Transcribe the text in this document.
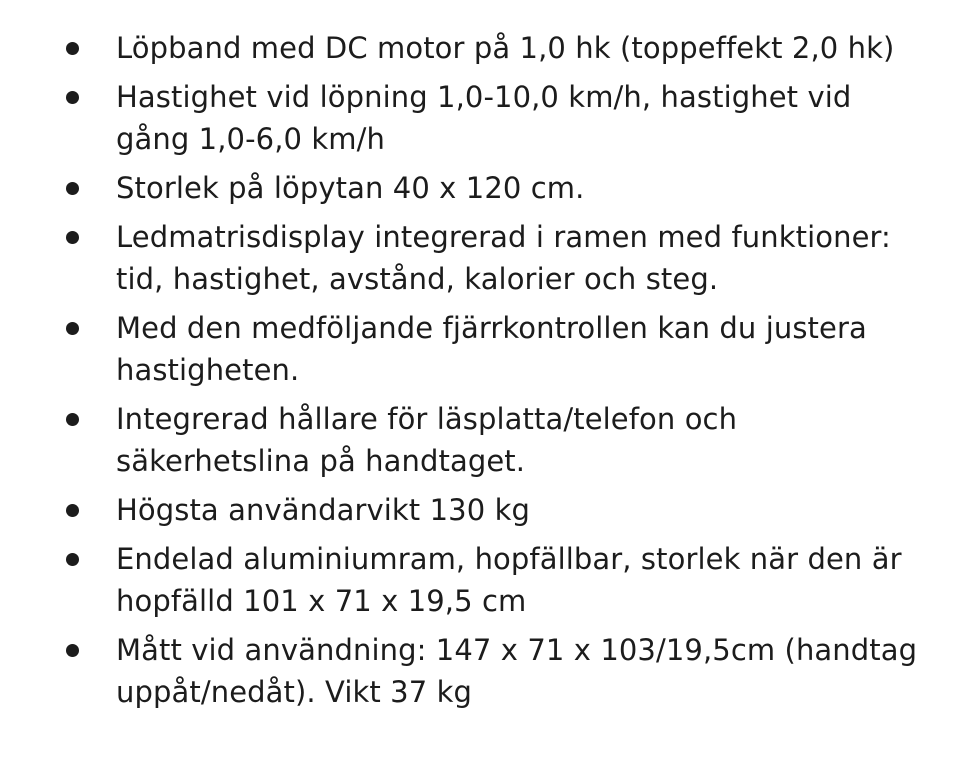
Löpband med DC motor på 1,0 hk (toppeffekt 2,0 hk)
Hastighet vid löpning 1,0-10,0 km/h, hastighet vid gång 1,0-6,0 km/h
Storlek på löpytan 40 x 120 cm.
Ledmatrisdisplay integrerad i ramen med funktioner: tid, hastighet, avstånd, kalorier och steg.
Med den medföljande fjärrkontrollen kan du justera hastigheten.
Integrerad hållare för läsplatta/telefon och säkerhetslina på handtaget.
Högsta användarvikt 130 kg
Endelad aluminiumram, hopfällbar, storlek när den är hopfälld 101 x 71 x 19,5 cm
Mått vid användning: 147 x 71 x 103/19,5cm (handtag uppåt/nedåt). Vikt 37 kg
